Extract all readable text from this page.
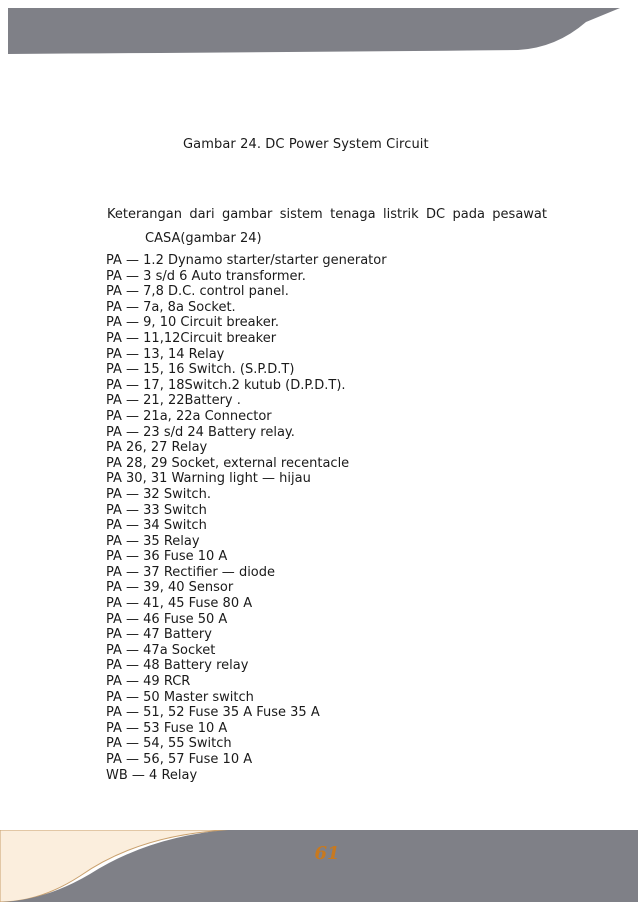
Gambar 24. DC Power System Circuit
Keterangan dari gambar sistem tenaga listrik DC pada pesawat
CASA(gambar 24)
PA — 1.2 Dynamo starter/starter generator
PA — 3 s/d 6 Auto transformer.
PA — 7,8 D.C. control panel.
PA — 7a, 8a Socket.
PA — 9, 10 Circuit breaker.
PA — 11,12Circuit breaker
PA — 13, 14 Relay
PA — 15, 16 Switch. (S.P.D.T)
PA — 17, 18Switch.2 kutub (D.P.D.T).
PA — 21, 22Battery .
PA — 21a, 22a Connector
PA — 23 s/d 24 Battery relay.
PA 26, 27 Relay
PA 28, 29 Socket, external recentacle
PA 30, 31 Warning light — hijau
PA — 32 Switch.
PA — 33 Switch
PA — 34 Switch
PA — 35 Relay
PA — 36 Fuse 10 A
PA — 37 Rectifier — diode
PA — 39, 40 Sensor
PA — 41, 45 Fuse 80 A
PA — 46 Fuse 50 A
PA — 47 Battery
PA — 47a Socket
PA — 48 Battery relay
PA — 49 RCR
PA — 50 Master switch
PA — 51, 52 Fuse 35 A Fuse 35 A
PA — 53 Fuse 10 A
PA — 54, 55 Switch
PA — 56, 57 Fuse 10 A
WB — 4 Relay
61
